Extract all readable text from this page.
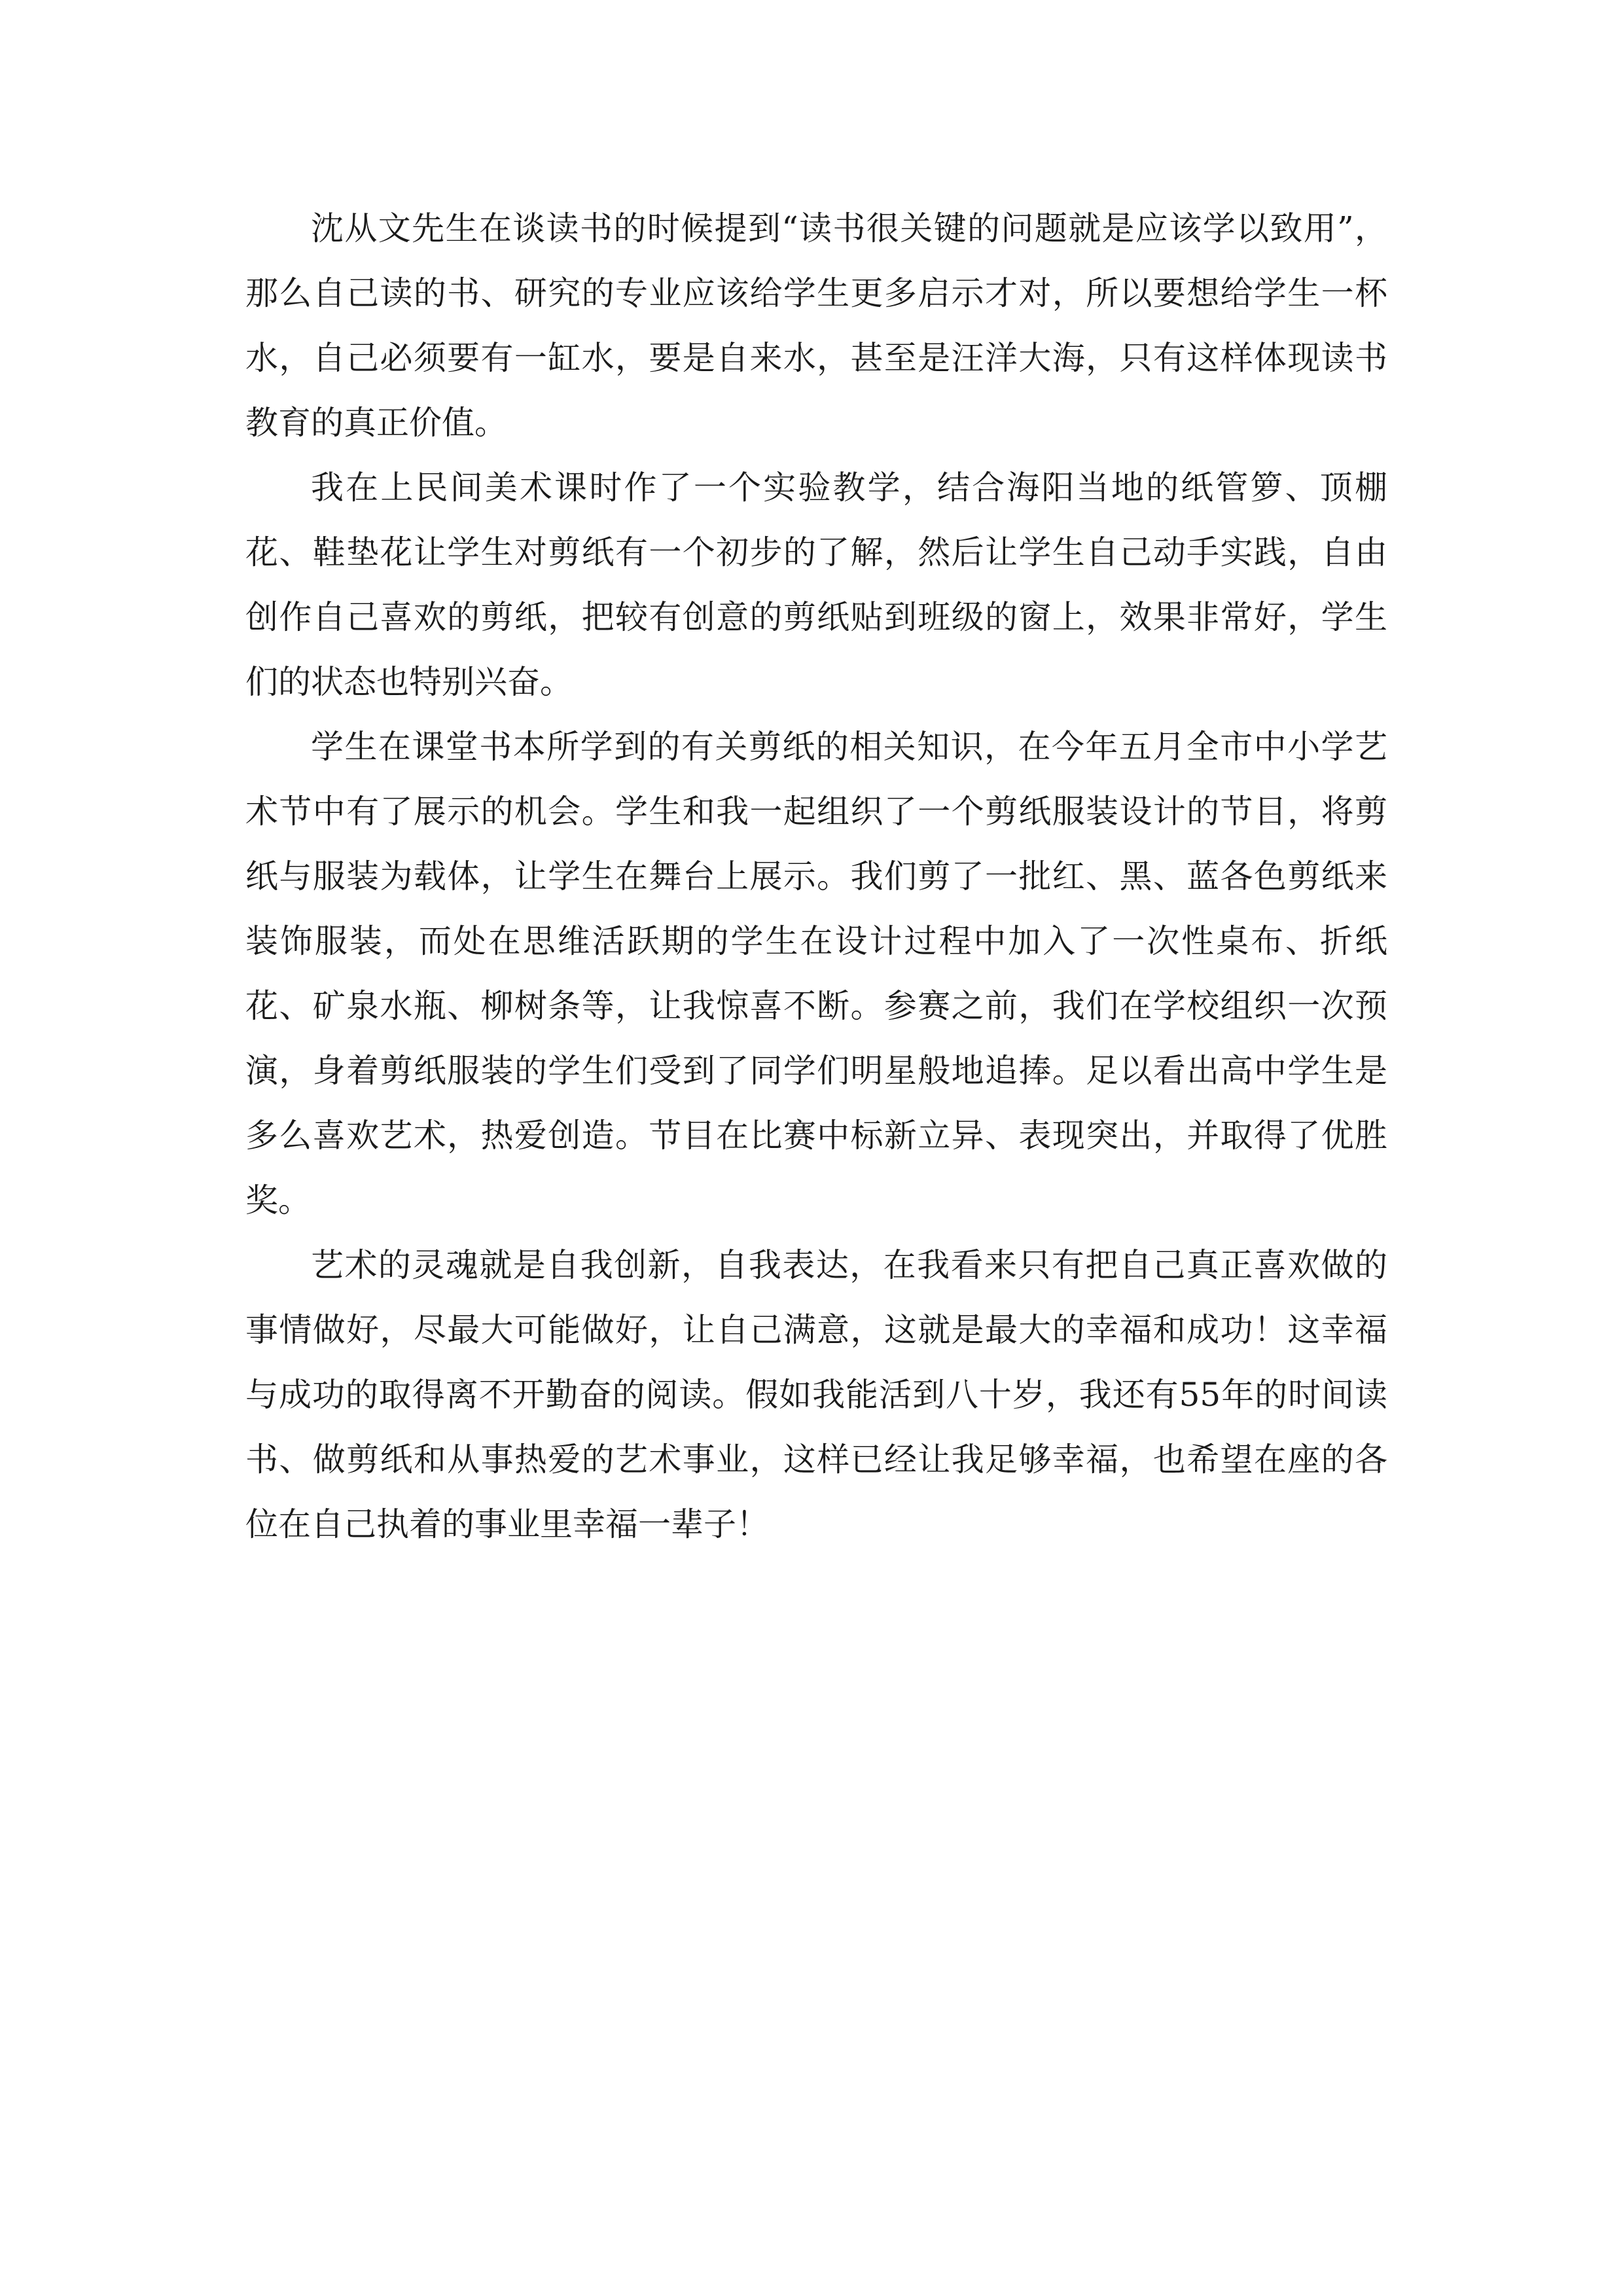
沈从文先生在谈读书的时候提到“读书很关键的问题就是应该学以致用”，那么自己读的书、研究的专业应该给学生更多启示才对，所以要想给学生一杯水，自己必须要有一缸水，要是自来水，甚至是汪洋大海，只有这样体现读书教育的真正价值。

我在上民间美术课时作了一个实验教学，结合海阳当地的纸管箩、顶棚花、鞋垫花让学生对剪纸有一个初步的了解，然后让学生自己动手实践，自由创作自己喜欢的剪纸，把较有创意的剪纸贴到班级的窗上，效果非常好，学生们的状态也特别兴奋。

学生在课堂书本所学到的有关剪纸的相关知识，在今年五月全市中小学艺术节中有了展示的机会。学生和我一起组织了一个剪纸服装设计的节目，将剪纸与服装为载体，让学生在舞台上展示。我们剪了一批红、黑、蓝各色剪纸来装饰服装，而处在思维活跃期的学生在设计过程中加入了一次性桌布、折纸花、矿泉水瓶、柳树条等，让我惊喜不断。参赛之前，我们在学校组织一次预演，身着剪纸服装的学生们受到了同学们明星般地追捧。足以看出高中学生是多么喜欢艺术，热爱创造。节目在比赛中标新立异、表现突出，并取得了优胜奖。

艺术的灵魂就是自我创新，自我表达，在我看来只有把自己真正喜欢做的事情做好，尽最大可能做好，让自己满意，这就是最大的幸福和成功！这幸福与成功的取得离不开勤奋的阅读。假如我能活到八十岁，我还有55年的时间读书、做剪纸和从事热爱的艺术事业，这样已经让我足够幸福，也希望在座的各位在自己执着的事业里幸福一辈子！
